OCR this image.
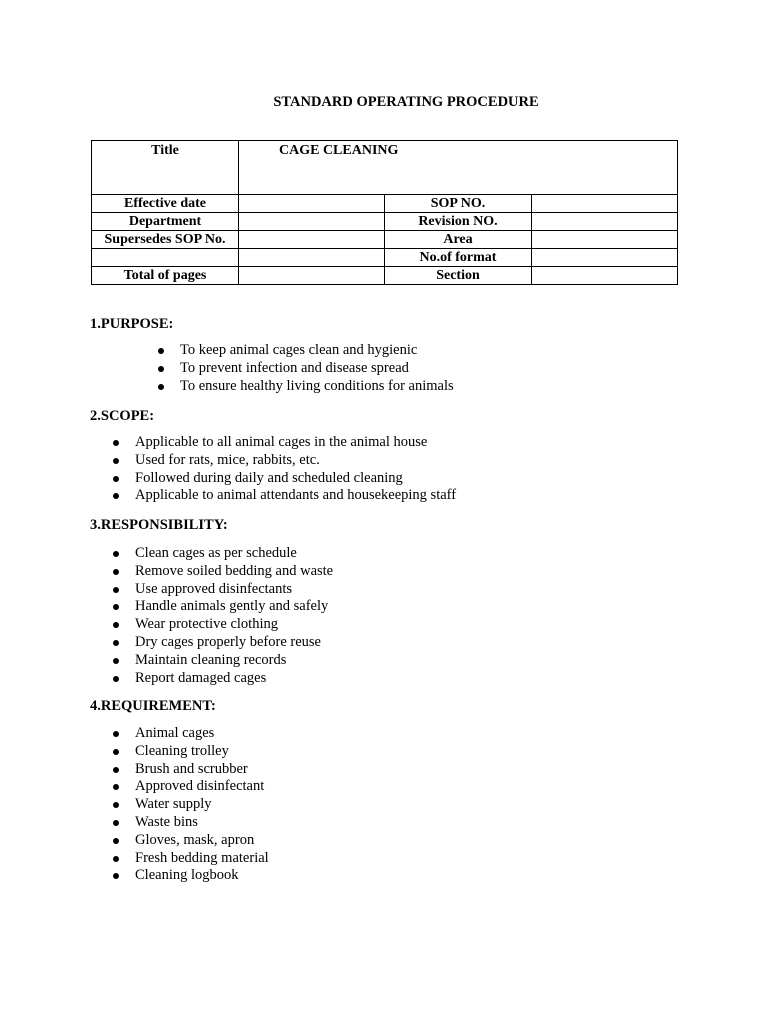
STANDARD OPERATING PROCEDURE
Title	CAGE CLEANING		
Effective date		SOP NO.	
Department		Revision NO.	
Supersedes SOP No.		Area	
		No.of format	
Total of pages		Section	
1.PURPOSE:
To keep animal cages clean and hygienic
To prevent infection and disease spread
To ensure healthy living conditions for animals
2.SCOPE:
Applicable to all animal cages in the animal house
Used for rats, mice, rabbits, etc.
Followed during daily and scheduled cleaning
Applicable to animal attendants and housekeeping staff
3.RESPONSIBILITY:
Clean cages as per schedule
Remove soiled bedding and waste
Use approved disinfectants
Handle animals gently and safely
Wear protective clothing
Dry cages properly before reuse
Maintain cleaning records
Report damaged cages
4.REQUIREMENT:
Animal cages
Cleaning trolley
Brush and scrubber
Approved disinfectant
Water supply
Waste bins
Gloves, mask, apron
Fresh bedding material
Cleaning logbook
